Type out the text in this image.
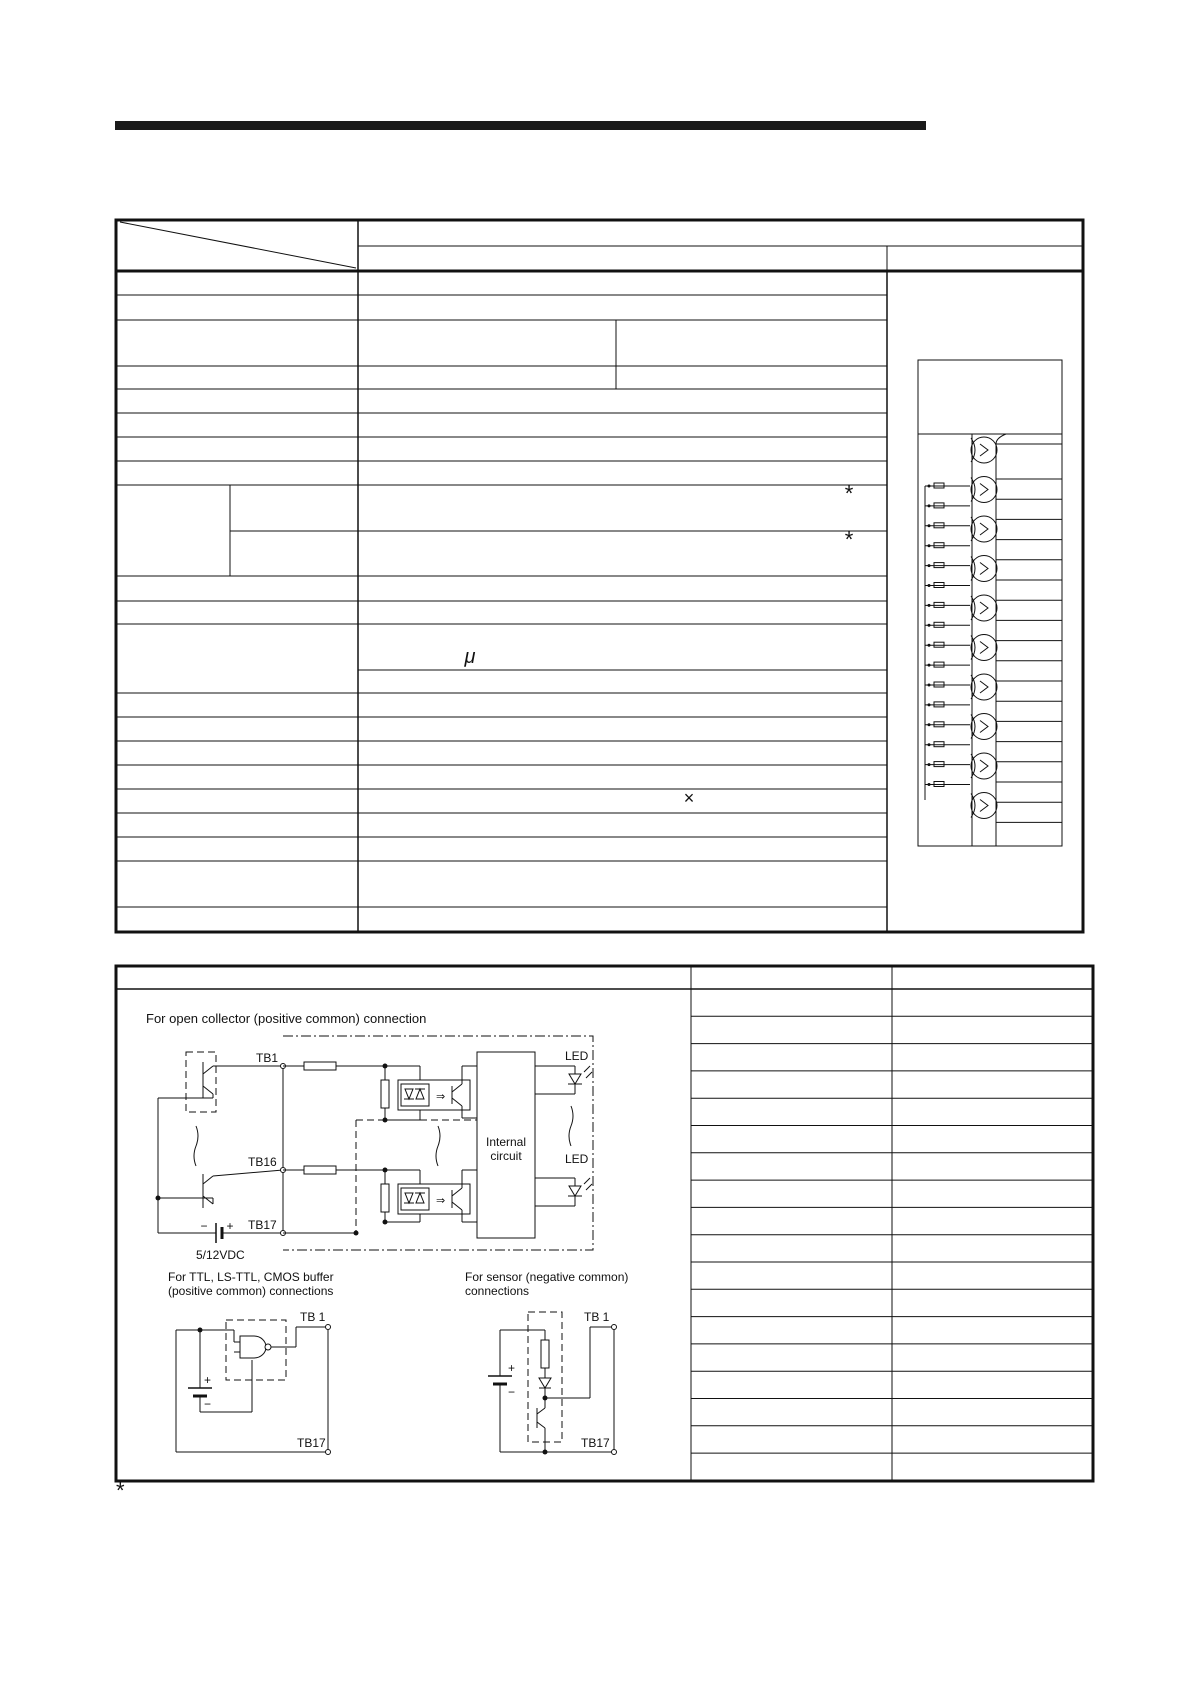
*
*
μ
×
For open collector (positive common) connection
⇒
⇒
TB1
TB16
TB17
LED
LED
Internal
circuit
5/12VDC
− +
For TTL, LS-TTL, CMOS buffer
(positive common) connections
+
−
TB 1
TB17
For sensor (negative common)
connections
+
−
TB 1
TB17
*
